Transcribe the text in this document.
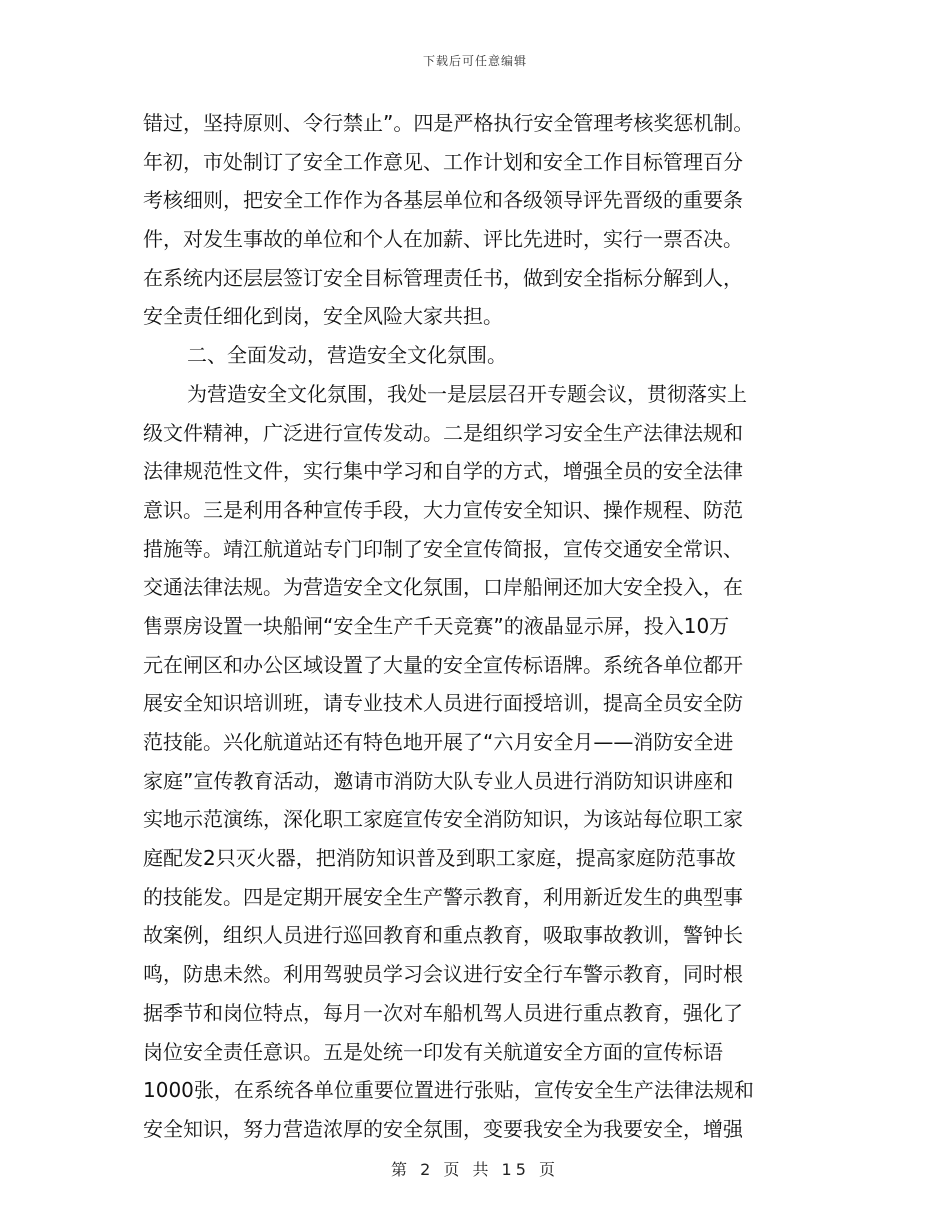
下载后可任意编辑
错过，坚持原则、令行禁止”。四是严格执行安全管理考核奖惩机制。
年初，市处制订了安全工作意见、工作计划和安全工作目标管理百分
考核细则，把安全工作作为各基层单位和各级领导评先晋级的重要条
件，对发生事故的单位和个人在加薪、评比先进时，实行一票否决。
在系统内还层层签订安全目标管理责任书，做到安全指标分解到人，
安全责任细化到岗，安全风险大家共担。
二、全面发动，营造安全文化氛围。
为营造安全文化氛围，我处一是层层召开专题会议，贯彻落实上
级文件精神，广泛进行宣传发动。二是组织学习安全生产法律法规和
法律规范性文件，实行集中学习和自学的方式，增强全员的安全法律
意识。三是利用各种宣传手段，大力宣传安全知识、操作规程、防范
措施等。靖江航道站专门印制了安全宣传简报，宣传交通安全常识、
交通法律法规。为营造安全文化氛围，口岸船闸还加大安全投入，在
售票房设置一块船闸“安全生产千天竞赛”的液晶显示屏，投入10万
元在闸区和办公区域设置了大量的安全宣传标语牌。系统各单位都开
展安全知识培训班，请专业技术人员进行面授培训，提高全员安全防
范技能。兴化航道站还有特色地开展了“六月安全月——消防安全进
家庭”宣传教育活动，邀请市消防大队专业人员进行消防知识讲座和
实地示范演练，深化职工家庭宣传安全消防知识，为该站每位职工家
庭配发2只灭火器，把消防知识普及到职工家庭，提高家庭防范事故
的技能发。四是定期开展安全生产警示教育，利用新近发生的典型事
故案例，组织人员进行巡回教育和重点教育，吸取事故教训，警钟长
鸣，防患未然。利用驾驶员学习会议进行安全行车警示教育，同时根
据季节和岗位特点，每月一次对车船机驾人员进行重点教育，强化了
岗位安全责任意识。五是处统一印发有关航道安全方面的宣传标语
1000张，在系统各单位重要位置进行张贴，宣传安全生产法律法规和
安全知识，努力营造浓厚的安全氛围，变要我安全为我要安全，增强
第 2 页 共 15 页
